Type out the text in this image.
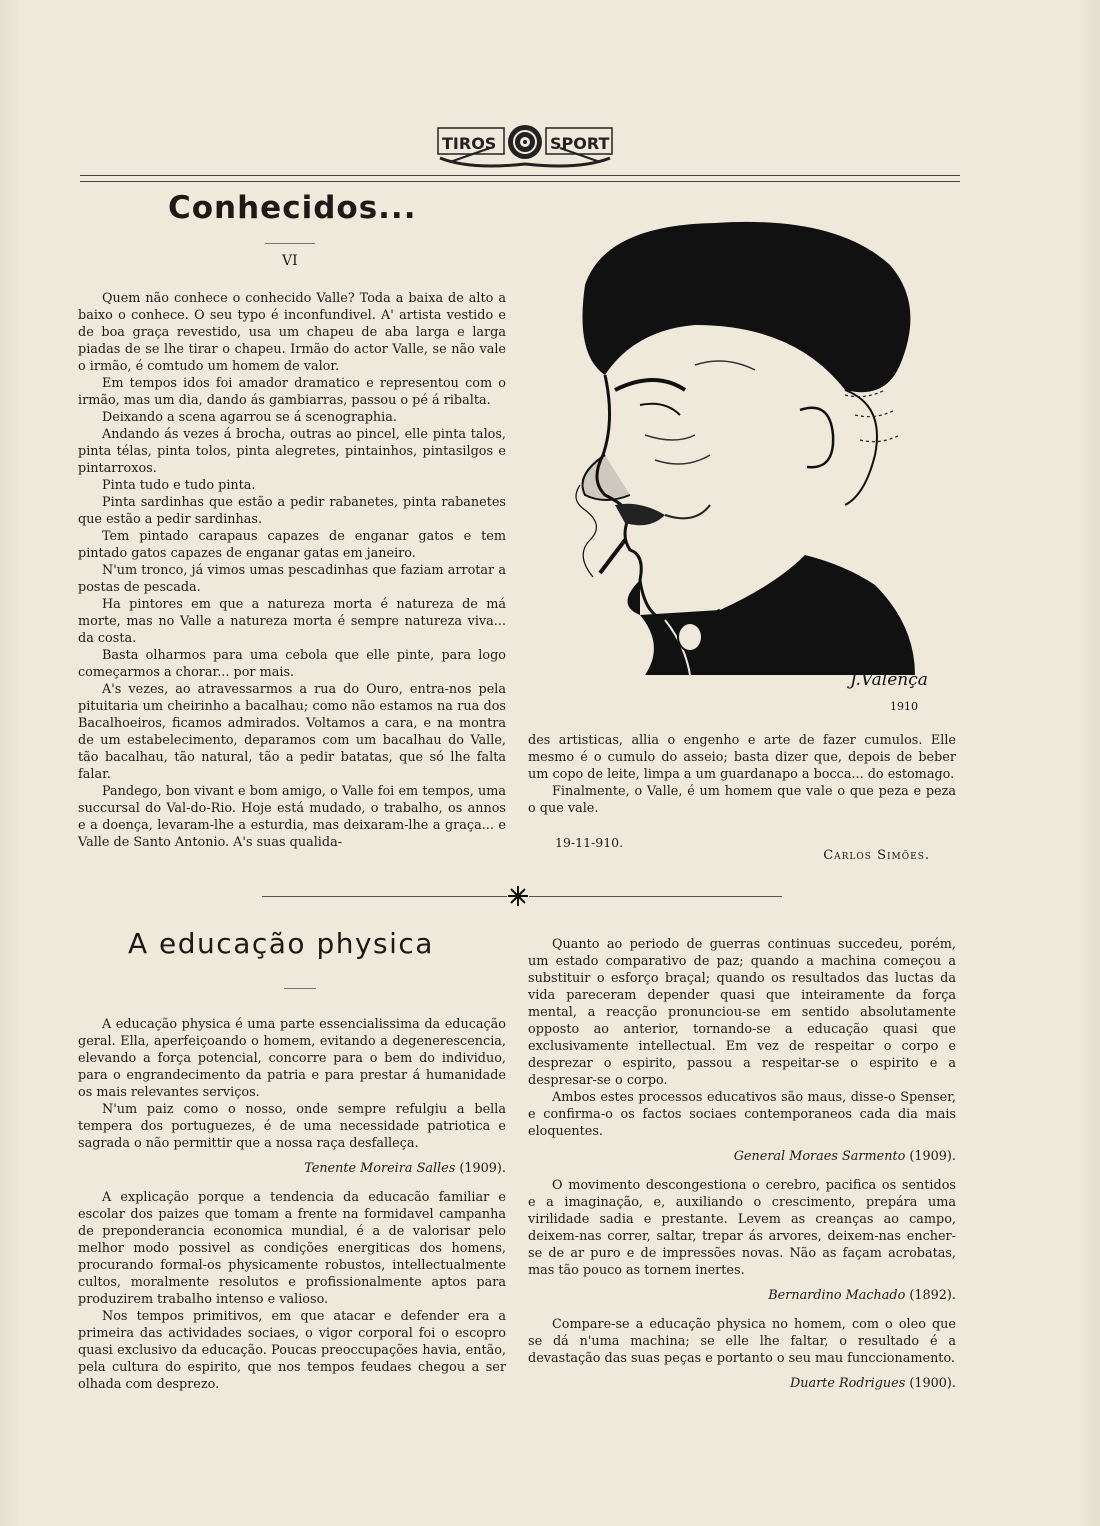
TIROS	SPORT
Conhecidos...
VI

Quem não conhece o conhecido Valle? Toda a baixa de alto a baixo o conhece. O seu typo é inconfundivel. A' artista vestido e de boa graça revestido, usa um chapeu de aba larga e larga piadas de se lhe tirar o chapeu. Irmão do actor Valle, se não vale o irmão, é comtudo um homem de valor.

Em tempos idos foi amador dramatico e representou com o irmão, mas um dia, dando ás gambiarras, passou o pé á ribalta.

Deixando a scena agarrou se á scenographia.

Andando ás vezes á brocha, outras ao pincel, elle pinta talos, pinta télas, pinta tolos, pinta alegretes, pintainhos, pintasilgos e pintarroxos.

Pinta tudo e tudo pinta.

Pinta sardinhas que estão a pedir rabanetes, pinta rabanetes que estão a pedir sardinhas.

Tem pintado carapaus capazes de enganar gatos e tem pintado gatos capazes de enganar gatas em janeiro.

N'um tronco, já vimos umas pescadinhas que faziam arrotar a postas de pescada.

Ha pintores em que a natureza morta é natureza de má morte, mas no Valle a natureza morta é sempre natureza viva... da costa.

Basta olharmos para uma cebola que elle pinte, para logo começarmos a chorar... por mais.

A's vezes, ao atravessarmos a rua do Ouro, entra-nos pela pituitaria um cheirinho a bacalhau; como não estamos na rua dos Bacalhoeiros, ficamos admirados. Voltamos a cara, e na montra de um estabelecimento, deparamos com um bacalhau do Valle, tão bacalhau, tão natural, tão a pedir batatas, que só lhe falta falar.

Pandego, bon vivant e bom amigo, o Valle foi em tempos, uma succursal do Val-do-Rio. Hoje está mudado, o trabalho, os annos e a doença, levaram-lhe a esturdia, mas deixaram-lhe a graça... e Valle de Santo Antonio. A's suas qualida-

J.Valença
1910

des artisticas, allia o engenho e arte de fazer cumulos. Elle mesmo é o cumulo do asseio; basta dizer que, depois de beber um copo de leite, limpa a um guardanapo a bocca... do estomago.

Finalmente, o Valle, é um homem que vale o que peza e peza o que vale.

19-11-910.
Carlos Simões.
A educação physica

A educação physica é uma parte essencialissima da educação geral. Ella, aperfeiçoando o homem, evitando a degenerescencia, elevando a força potencial, concorre para o bem do individuo, para o engrandecimento da patria e para prestar á humanidade os mais relevantes serviços.

N'um paiz como o nosso, onde sempre refulgiu a bella tempera dos portuguezes, é de uma necessidade patriotica e sagrada o não permittir que a nossa raça desfalleça.

Tenente Moreira Salles (1909).

A explicação porque a tendencia da educacão familiar e escolar dos paizes que tomam a frente na formidavel campanha de preponderancia economica mundial, é a de valorisar pelo melhor modo possivel as condições energiticas dos homens, procurando formal-os physicamente robustos, intellectualmente cultos, moralmente resolutos e profissionalmente aptos para produzirem trabalho intenso e valioso.

Nos tempos primitivos, em que atacar e defender era a primeira das actividades sociaes, o vigor corporal foi o escopro quasi exclusivo da educação. Poucas preoccupações havia, então, pela cultura do espirito, que nos tempos feudaes chegou a ser olhada com desprezo.

Quanto ao periodo de guerras continuas succedeu, porém, um estado comparativo de paz; quando a machina começou a substituir o esforço braçal; quando os resultados das luctas da vida pareceram depender quasi que inteiramente da força mental, a reacção pronunciou-se em sentido absolutamente opposto ao anterior, tornando-se a educação quasi que exclusivamente intellectual. Em vez de respeitar o corpo e desprezar o espirito, passou a respeitar-se o espirito e a despresar-se o corpo.

Ambos estes processos educativos são maus, disse-o Spenser, e confirma-o os factos sociaes contemporaneos cada dia mais eloquentes.

General Moraes Sarmento (1909).

O movimento descongestiona o cerebro, pacifica os sentidos e a imaginação, e, auxiliando o crescimento, prepára uma virilidade sadia e prestante. Levem as creanças ao campo, deixem-nas correr, saltar, trepar ás arvores, deixem-nas encher-se de ar puro e de impressões novas. Não as façam acrobatas, mas tão pouco as tornem inertes.

Bernardino Machado (1892).

Compare-se a educação physica no homem, com o oleo que se dá n'uma machina; se elle lhe faltar, o resultado é a devastação das suas peças e portanto o seu mau funccionamento.

Duarte Rodrigues (1900).
